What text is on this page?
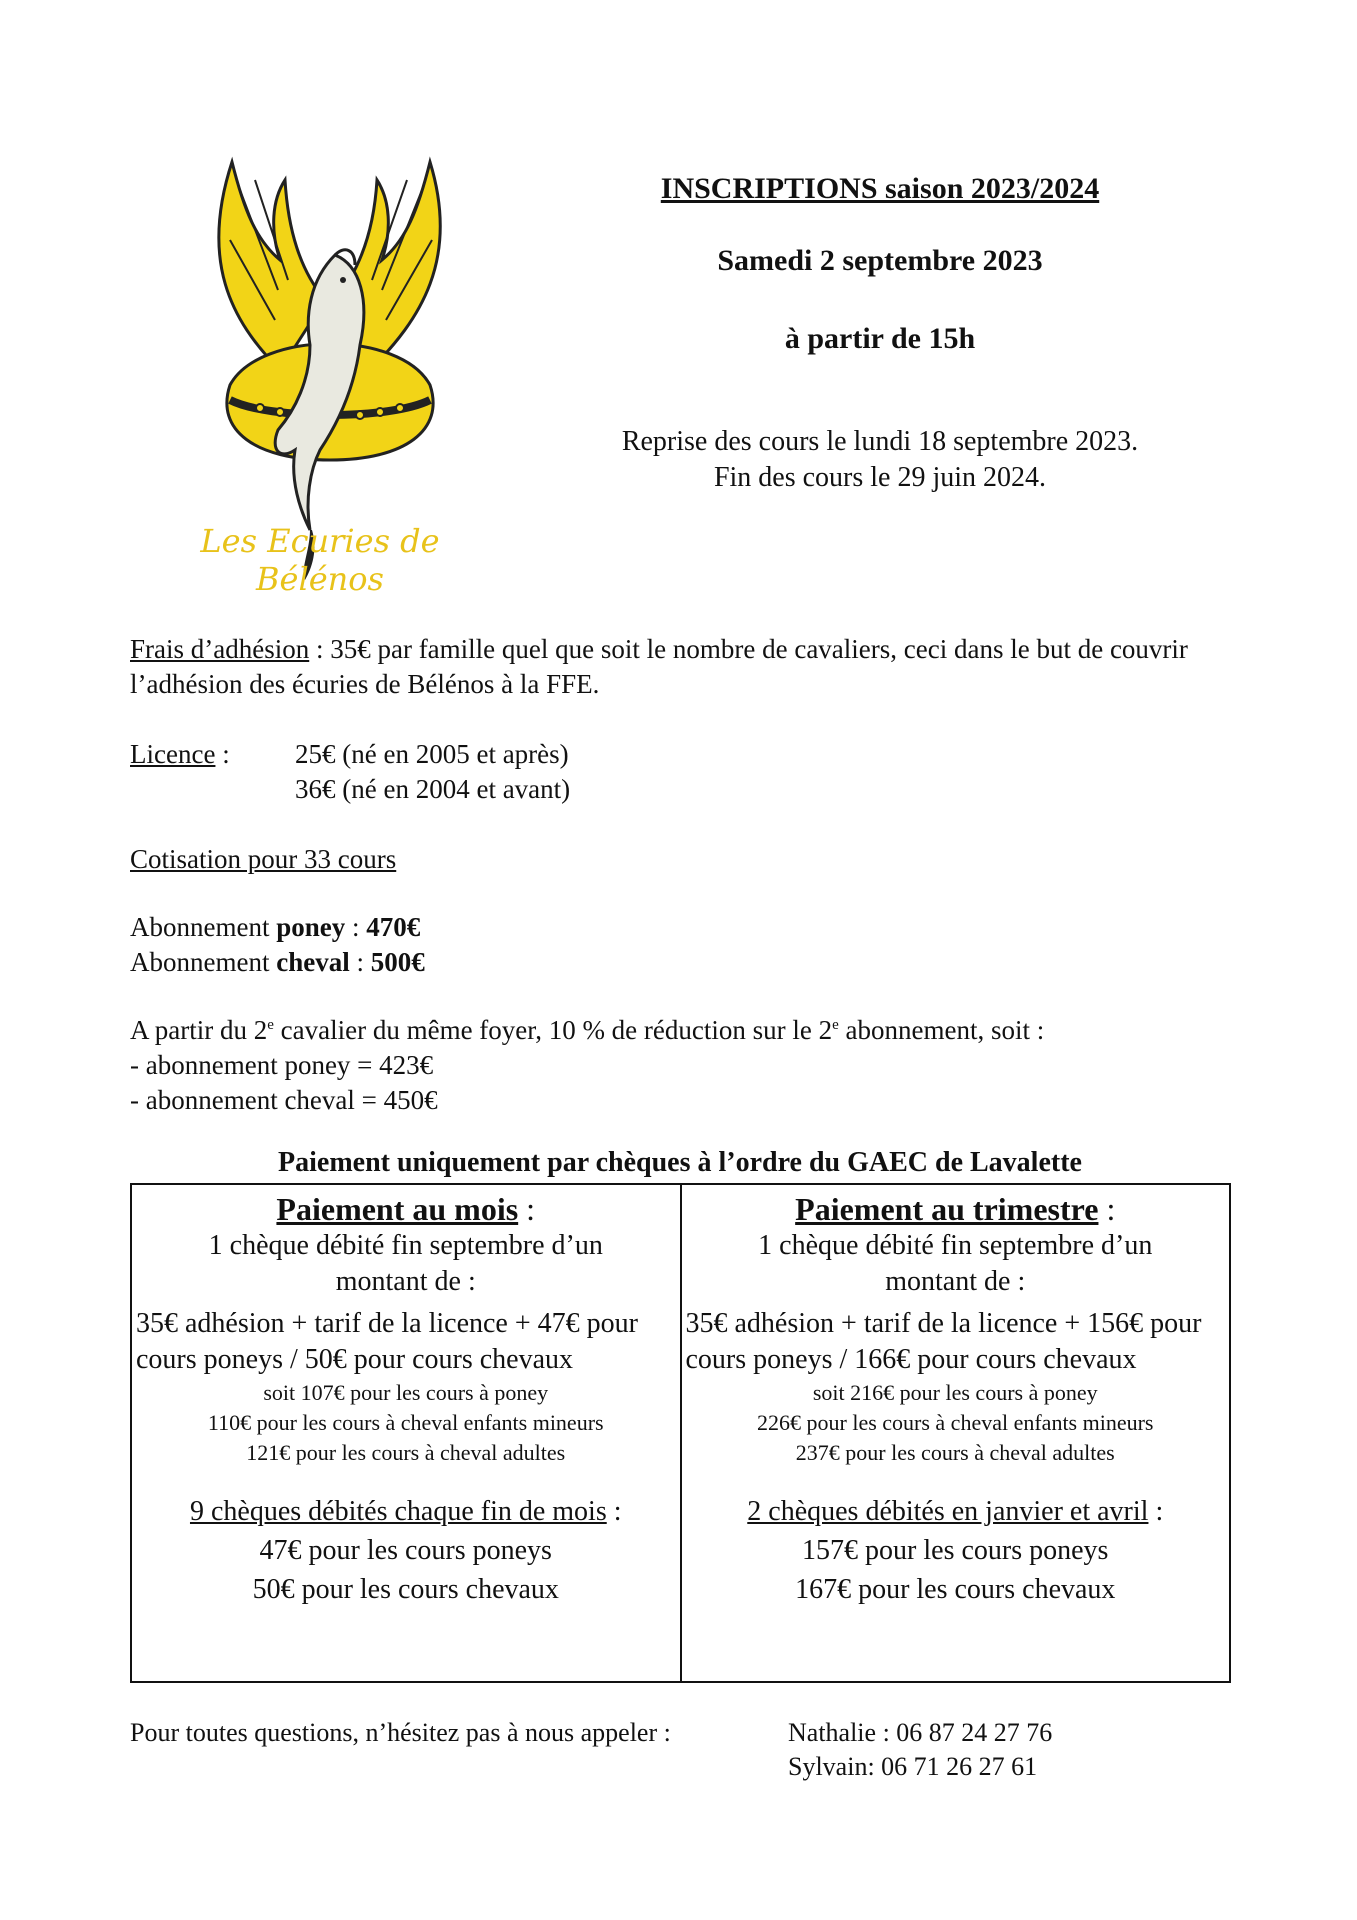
Les Ecuries de Bélénos
INSCRIPTIONS saison 2023/2024
Samedi 2 septembre 2023
à partir de 15h
Reprise des cours le lundi 18 septembre 2023.
Fin des cours le 29 juin 2024.
Frais d’adhésion : 35€ par famille quel que soit le nombre de cavaliers, ceci dans le but de couvrir l’adhésion des écuries de Bélénos à la FFE.
Licence : 25€ (né en 2005 et après)
36€ (né en 2004 et avant)
Cotisation pour 33 cours
Abonnement poney : 470€
Abonnement cheval : 500€
A partir du 2e cavalier du même foyer, 10 % de réduction sur le 2e abonnement, soit :
- abonnement poney = 423€
- abonnement cheval = 450€
Paiement uniquement par chèques à l’ordre du GAEC de Lavalette
Paiement au mois :
1 chèque débité fin septembre d’un
montant de :
35€ adhésion + tarif de la licence + 47€ pour cours poneys / 50€ pour cours chevaux
soit 107€ pour les cours à poney
110€ pour les cours à cheval enfants mineurs
121€ pour les cours à cheval adultes
9 chèques débités chaque fin de mois :
47€ pour les cours poneys
50€ pour les cours chevaux
Paiement au trimestre :
1 chèque débité fin septembre d’un
montant de :
35€ adhésion + tarif de la licence + 156€ pour cours poneys / 166€ pour cours chevaux
soit 216€ pour les cours à poney
226€ pour les cours à cheval enfants mineurs
237€ pour les cours à cheval adultes
2 chèques débités en janvier et avril :
157€ pour les cours poneys
167€ pour les cours chevaux
Pour toutes questions, n’hésitez pas à nous appeler :	Nathalie : 06 87 24 27 76
Sylvain: 06 71 26 27 61
